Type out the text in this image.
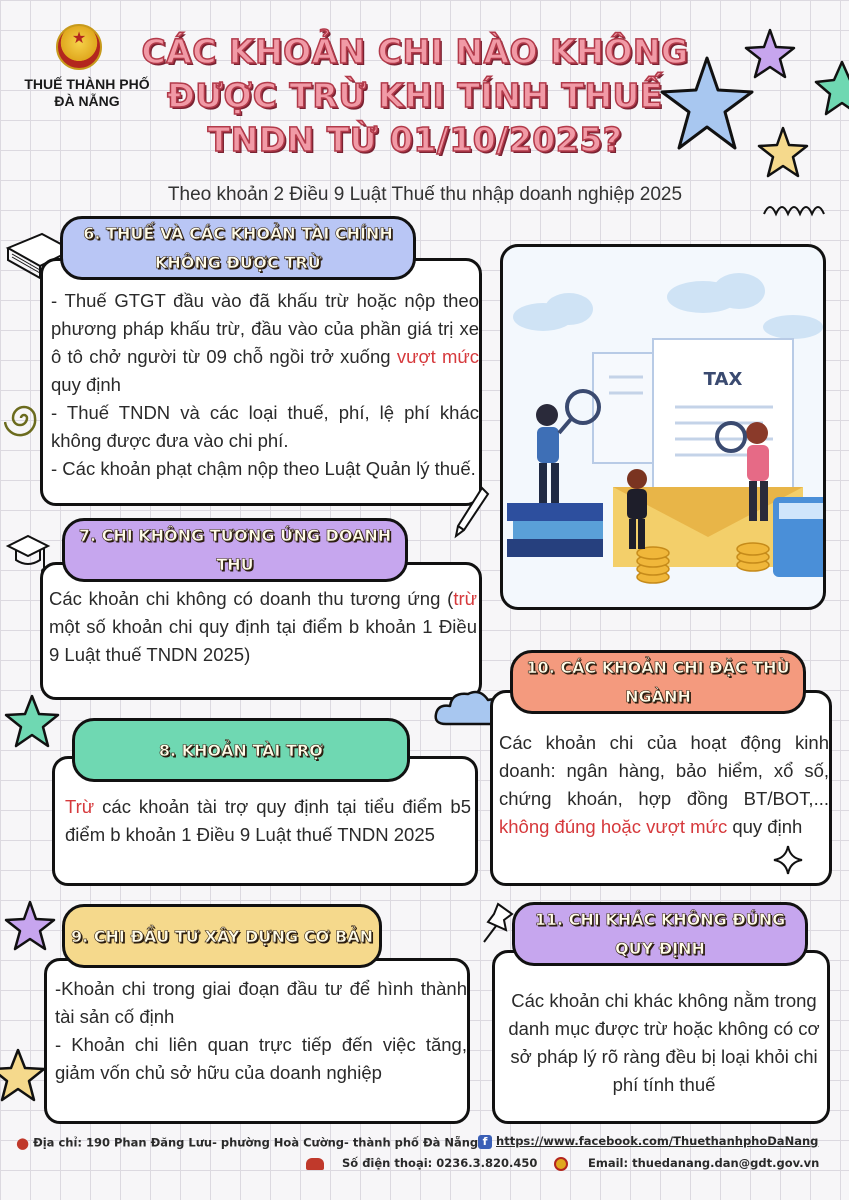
★
THUẾ THÀNH PHỐ
ĐÀ NẴNG
CÁC KHOẢN CHI NÀO KHÔNG ĐƯỢC TRỪ KHI TÍNH THUẾ TNDN TỪ 01/10/2025?
Theo khoản 2 Điều 9 Luật Thuế thu nhập doanh nghiệp 2025
- Thuế GTGT đầu vào đã khấu trừ hoặc nộp theo phương pháp khấu trừ, đầu vào của phần giá trị xe ô tô chở người từ 09 chỗ ngồi trở xuống vượt mức quy định
- Thuế TNDN và các loại thuế, phí, lệ phí khác không được đưa vào chi phí.
- Các khoản phạt chậm nộp theo Luật Quản lý thuế.
6. THUẾ VÀ CÁC KHOẢN TÀI CHÍNH KHÔNG ĐƯỢC TRỪ
TAX
Các khoản chi không có doanh thu tương ứng (trừ một số khoản chi quy định tại điểm b khoản 1 Điều 9 Luật thuế TNDN 2025)
7. CHI KHÔNG TƯƠNG ỨNG DOANH THU
Trừ các khoản tài trợ quy định tại tiểu điểm b5 điểm b khoản 1 Điều 9 Luật thuế TNDN 2025
8. KHOẢN TÀI TRỢ	Các khoản chi của hoạt động kinh doanh: ngân hàng, bảo hiểm, xổ số, chứng khoán, hợp đồng BT/BOT,... không đúng hoặc vượt mức quy định
10. CÁC KHOẢN CHI ĐẶC THÙ NGÀNH
-Khoản chi trong giai đoạn đầu tư để hình thành tài sản cố định
- Khoản chi liên quan trực tiếp đến việc tăng, giảm vốn chủ sở hữu của doanh nghiệp
9. CHI ĐẦU TƯ XÂY DỰNG CƠ BẢN
Các khoản chi khác không nằm trong danh mục được trừ hoặc không có cơ sở pháp lý rõ ràng đều bị loại khỏi chi phí tính thuế
11. CHI KHÁC KHÔNG ĐÚNG QUY ĐỊNH
● Địa chỉ: 190 Phan Đăng Lưu- phường Hoà Cường- thành phố Đà Nẵng f https://www.facebook.com/ThuethanhphoDaNang
Số điện thoại: 0236.3.820.450	Email: thuedanang.dan@gdt.gov.vn
